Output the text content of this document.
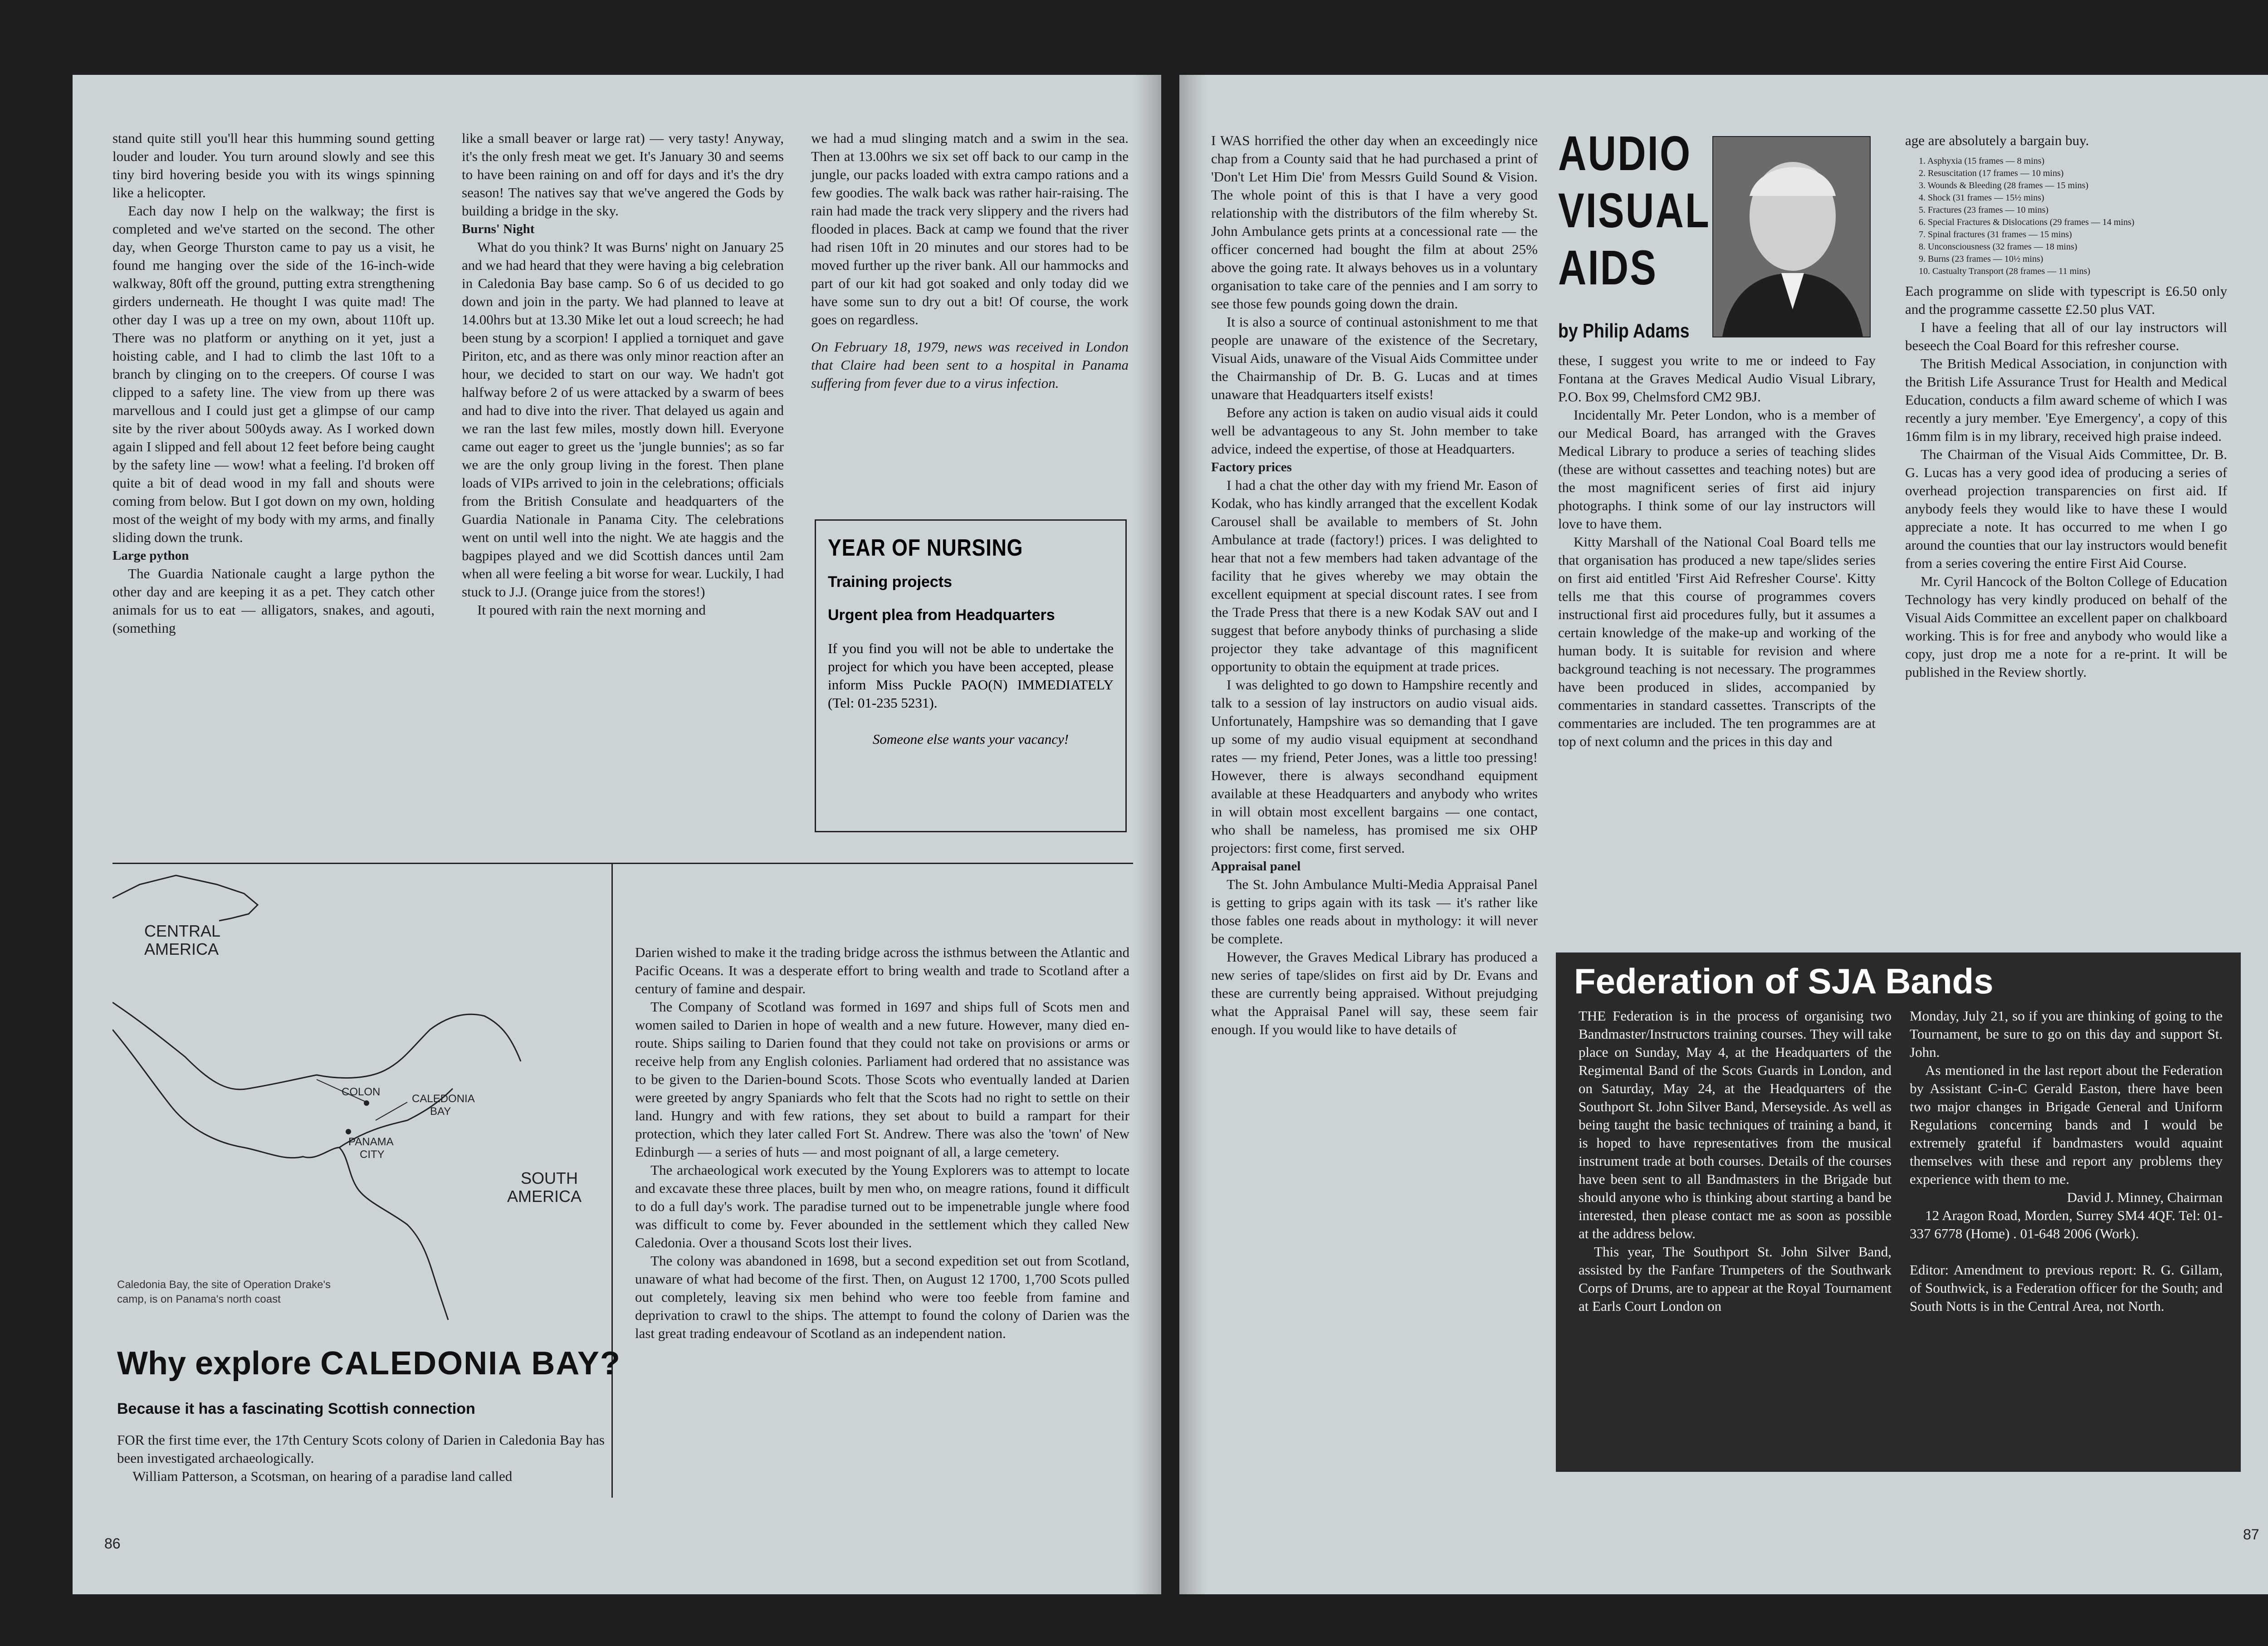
stand quite still you'll hear this humming sound getting louder and louder. You turn around slowly and see this tiny bird hovering beside you with its wings spinning like a helicopter.

Each day now I help on the walkway; the first is completed and we've started on the second. The other day, when George Thurston came to pay us a visit, he found me hanging over the side of the 16-inch-wide walkway, 80ft off the ground, putting extra strengthening girders underneath. He thought I was quite mad! The other day I was up a tree on my own, about 110ft up. There was no platform or anything on it yet, just a hoisting cable, and I had to climb the last 10ft to a branch by clinging on to the creepers. Of course I was clipped to a safety line. The view from up there was marvellous and I could just get a glimpse of our camp site by the river about 500yds away. As I worked down again I slipped and fell about 12 feet before being caught by the safety line — wow! what a feeling. I'd broken off quite a bit of dead wood in my fall and shouts were coming from below. But I got down on my own, holding most of the weight of my body with my arms, and finally sliding down the trunk.

Large python

The Guardia Nationale caught a large python the other day and are keeping it as a pet. They catch other animals for us to eat — alligators, snakes, and agouti, (something

like a small beaver or large rat) — very tasty! Anyway, it's the only fresh meat we get. It's January 30 and seems to have been raining on and off for days and it's the dry season! The natives say that we've angered the Gods by building a bridge in the sky.

Burns' Night

What do you think? It was Burns' night on January 25 and we had heard that they were having a big celebration in Caledonia Bay base camp. So 6 of us decided to go down and join in the party. We had planned to leave at 14.00hrs but at 13.30 Mike let out a loud screech; he had been stung by a scorpion! I applied a torniquet and gave Piriton, etc, and as there was only minor reaction after an hour, we decided to start on our way. We hadn't got halfway before 2 of us were attacked by a swarm of bees and had to dive into the river. That delayed us again and we ran the last few miles, mostly down hill. Everyone came out eager to greet us the 'jungle bunnies'; as so far we are the only group living in the forest. Then plane loads of VIPs arrived to join in the celebrations; officials from the British Consulate and headquarters of the Guardia Nationale in Panama City. The celebrations went on until well into the night. We ate haggis and the bagpipes played and we did Scottish dances until 2am when all were feeling a bit worse for wear. Luckily, I had stuck to J.J. (Orange juice from the stores!)

It poured with rain the next morning and

we had a mud slinging match and a swim in the sea. Then at 13.00hrs we six set off back to our camp in the jungle, our packs loaded with extra campo rations and a few goodies. The walk back was rather hair-raising. The rain had made the track very slippery and the rivers had flooded in places. Back at camp we found that the river had risen 10ft in 20 minutes and our stores had to be moved further up the river bank. All our hammocks and part of our kit had got soaked and only today did we have some sun to dry out a bit! Of course, the work goes on regardless.

On February 18, 1979, news was received in London that Claire had been sent to a hospital in Panama suffering from fever due to a virus infection.

YEAR OF NURSING
Training projects
Urgent plea from Headquarters

If you find you will not be able to undertake the project for which you have been accepted, please inform Miss Puckle PAO(N) IMMEDIATELY (Tel: 01-235 5231).

Someone else wants your vacancy!

CENTRAL
AMERICA
COLON
CALEDONIA
BAY
PANAMA
CITY
SOUTH
AMERICA
Caledonia Bay, the site of Operation Drake's
camp, is on Panama's north coast
Why explore CALEDONIA BAY?
Because it has a fascinating Scottish connection

FOR the first time ever, the 17th Century Scots colony of Darien in Caledonia Bay has been investigated archaeologically.

William Patterson, a Scotsman, on hearing of a paradise land called

Darien wished to make it the trading bridge across the isthmus between the Atlantic and Pacific Oceans. It was a desperate effort to bring wealth and trade to Scotland after a century of famine and despair.

The Company of Scotland was formed in 1697 and ships full of Scots men and women sailed to Darien in hope of wealth and a new future. However, many died en-route. Ships sailing to Darien found that they could not take on provisions or arms or receive help from any English colonies. Parliament had ordered that no assistance was to be given to the Darien-bound Scots. Those Scots who eventually landed at Darien were greeted by angry Spaniards who felt that the Scots had no right to settle on their land. Hungry and with few rations, they set about to build a rampart for their protection, which they later called Fort St. Andrew. There was also the 'town' of New Edinburgh — a series of huts — and most poignant of all, a large cemetery.

The archaeological work executed by the Young Explorers was to attempt to locate and excavate these three places, built by men who, on meagre rations, found it difficult to do a full day's work. The paradise turned out to be impenetrable jungle where food was difficult to come by. Fever abounded in the settlement which they called New Caledonia. Over a thousand Scots lost their lives.

The colony was abandoned in 1698, but a second expedition set out from Scotland, unaware of what had become of the first. Then, on August 12 1700, 1,700 Scots pulled out completely, leaving six men behind who were too feeble from famine and deprivation to crawl to the ships. The attempt to found the colony of Darien was the last great trading endeavour of Scotland as an independent nation.

86

I WAS horrified the other day when an exceedingly nice chap from a County said that he had purchased a print of 'Don't Let Him Die' from Messrs Guild Sound & Vision. The whole point of this is that I have a very good relationship with the distributors of the film whereby St. John Ambulance gets prints at a concessional rate — the officer concerned had bought the film at about 25% above the going rate. It always behoves us in a voluntary organisation to take care of the pennies and I am sorry to see those few pounds going down the drain.

It is also a source of continual astonishment to me that people are unaware of the existence of the Secretary, Visual Aids, unaware of the Visual Aids Committee under the Chairmanship of Dr. B. G. Lucas and at times unaware that Headquarters itself exists!

Before any action is taken on audio visual aids it could well be advantageous to any St. John member to take advice, indeed the expertise, of those at Headquarters.

Factory prices

I had a chat the other day with my friend Mr. Eason of Kodak, who has kindly arranged that the excellent Kodak Carousel shall be available to members of St. John Ambulance at trade (factory!) prices. I was delighted to hear that not a few members had taken advantage of the facility that he gives whereby we may obtain the excellent equipment at special discount rates. I see from the Trade Press that there is a new Kodak SAV out and I suggest that before anybody thinks of purchasing a slide projector they take advantage of this magnificent opportunity to obtain the equipment at trade prices.

I was delighted to go down to Hampshire recently and talk to a session of lay instructors on audio visual aids. Unfortunately, Hampshire was so demanding that I gave up some of my audio visual equipment at secondhand rates — my friend, Peter Jones, was a little too pressing! However, there is always secondhand equipment available at these Headquarters and anybody who writes in will obtain most excellent bargains — one contact, who shall be nameless, has promised me six OHP projectors: first come, first served.

Appraisal panel

The St. John Ambulance Multi-Media Appraisal Panel is getting to grips again with its task — it's rather like those fables one reads about in mythology: it will never be complete.

However, the Graves Medical Library has produced a new series of tape/slides on first aid by Dr. Evans and these are currently being appraised. Without prejudging what the Appraisal Panel will say, these seem fair enough. If you would like to have details of

AUDIO
VISUAL
AIDS
by Philip Adams

these, I suggest you write to me or indeed to Fay Fontana at the Graves Medical Audio Visual Library, P.O. Box 99, Chelmsford CM2 9BJ.

Incidentally Mr. Peter London, who is a member of our Medical Board, has arranged with the Graves Medical Library to produce a series of teaching slides (these are without cassettes and teaching notes) but are the most magnificent series of first aid injury photographs. I think some of our lay instructors will love to have them.

Kitty Marshall of the National Coal Board tells me that organisation has produced a new tape/slides series on first aid entitled 'First Aid Refresher Course'. Kitty tells me that this course of programmes covers instructional first aid procedures fully, but it assumes a certain knowledge of the make-up and working of the human body. It is suitable for revision and where background teaching is not necessary. The programmes have been produced in slides, accompanied by commentaries in standard cassettes. Transcripts of the commentaries are included. The ten programmes are at top of next column and the prices in this day and

age are absolutely a bargain buy.

1. Asphyxia (15 frames — 8 mins)
2. Resuscitation (17 frames — 10 mins)
3. Wounds & Bleeding (28 frames — 15 mins)
4. Shock (31 frames — 15½ mins)
5. Fractures (23 frames — 10 mins)
6. Special Fractures & Dislocations (29 frames — 14 mins)
7. Spinal fractures (31 frames — 15 mins)
8. Unconsciousness (32 frames — 18 mins)
9. Burns (23 frames — 10½ mins)
10. Castualty Transport (28 frames — 11 mins)

Each programme on slide with typescript is £6.50 only and the programme cassette £2.50 plus VAT.

I have a feeling that all of our lay instructors will beseech the Coal Board for this refresher course.

The British Medical Association, in conjunction with the British Life Assurance Trust for Health and Medical Education, conducts a film award scheme of which I was recently a jury member. 'Eye Emergency', a copy of this 16mm film is in my library, received high praise indeed.

The Chairman of the Visual Aids Committee, Dr. B. G. Lucas has a very good idea of producing a series of overhead projection transparencies on first aid. If anybody feels they would like to have these I would appreciate a note. It has occurred to me when I go around the counties that our lay instructors would benefit from a series covering the entire First Aid Course.

Mr. Cyril Hancock of the Bolton College of Education Technology has very kindly produced on behalf of the Visual Aids Committee an excellent paper on chalkboard working. This is for free and anybody who would like a copy, just drop me a note for a re-print. It will be published in the Review shortly.

Federation of SJA Bands

THE Federation is in the process of organising two Bandmaster/Instructors training courses. They will take place on Sunday, May 4, at the Headquarters of the Regimental Band of the Scots Guards in London, and on Saturday, May 24, at the Headquarters of the Southport St. John Silver Band, Merseyside. As well as being taught the basic techniques of training a band, it is hoped to have representatives from the musical instrument trade at both courses. Details of the courses have been sent to all Bandmasters in the Brigade but should anyone who is thinking about starting a band be interested, then please contact me as soon as possible at the address below.

This year, The Southport St. John Silver Band, assisted by the Fanfare Trumpeters of the Southwark Corps of Drums, are to appear at the Royal Tournament at Earls Court London on

Monday, July 21, so if you are thinking of going to the Tournament, be sure to go on this day and support St. John.

As mentioned in the last report about the Federation by Assistant C-in-C Gerald Easton, there have been two major changes in Brigade General and Uniform Regulations concerning bands and I would be extremely grateful if bandmasters would aquaint themselves with these and report any problems they experience with them to me.

David J. Minney, Chairman

12 Aragon Road, Morden, Surrey SM4 4QF. Tel: 01-337 6778 (Home) . 01-648 2006 (Work).

Editor: Amendment to previous report: R. G. Gillam, of Southwick, is a Federation officer for the South; and South Notts is in the Central Area, not North.

87
